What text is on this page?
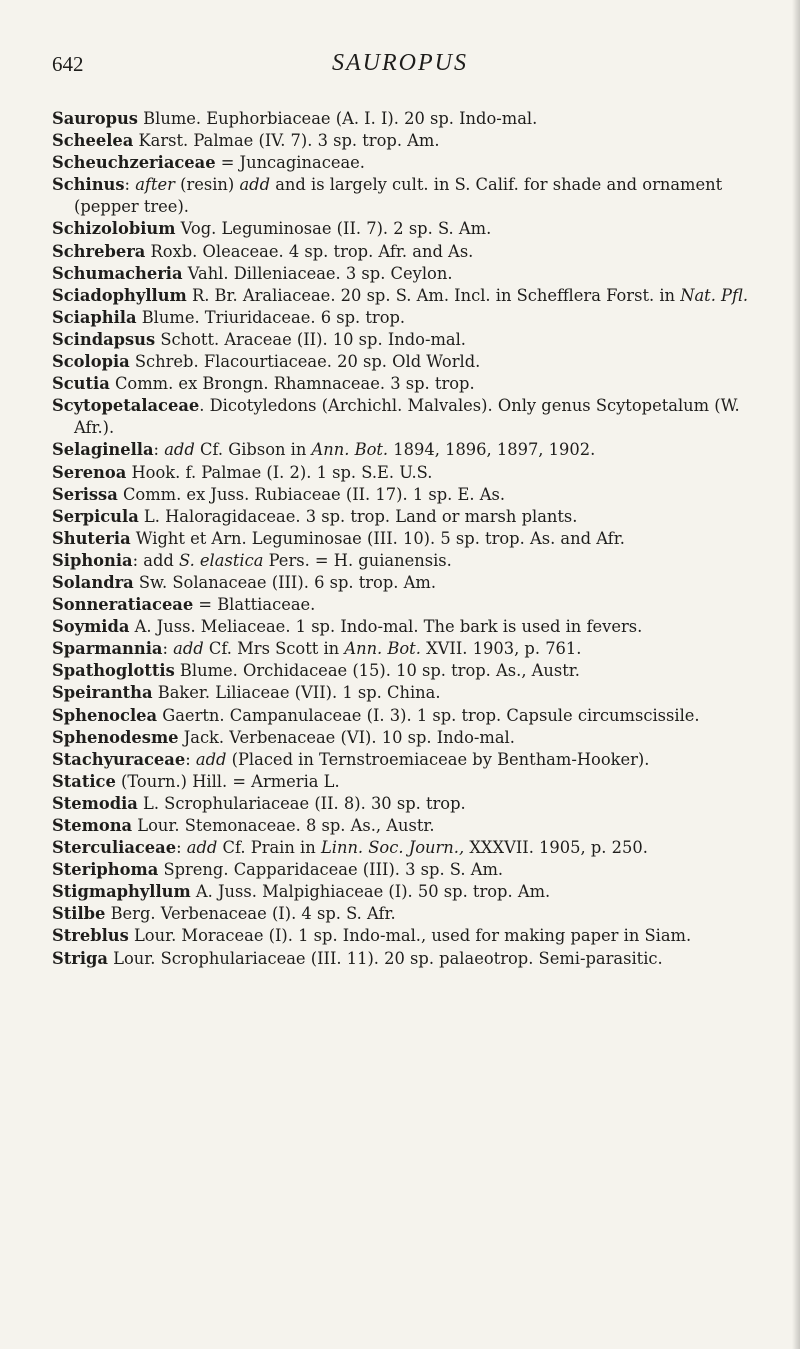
642	SAUROPUS

Sauropus Blume. Euphorbiaceae (A. I. I). 20 sp. Indo-mal.

Scheelea Karst. Palmae (IV. 7). 3 sp. trop. Am.

Scheuchzeriaceae = Juncaginaceae.

Schinus: after (resin) add and is largely cult. in S. Calif. for shade and ornament (pepper tree).

Schizolobium Vog. Leguminosae (II. 7). 2 sp. S. Am.

Schrebera Roxb. Oleaceae. 4 sp. trop. Afr. and As.

Schumacheria Vahl. Dilleniaceae. 3 sp. Ceylon.

Sciadophyllum R. Br. Araliaceae. 20 sp. S. Am. Incl. in Schefflera Forst. in Nat. Pfl.

Sciaphila Blume. Triuridaceae. 6 sp. trop.

Scindapsus Schott. Araceae (II). 10 sp. Indo-mal.

Scolopia Schreb. Flacourtiaceae. 20 sp. Old World.

Scutia Comm. ex Brongn. Rhamnaceae. 3 sp. trop.

Scytopetalaceae. Dicotyledons (Archichl. Malvales). Only genus Scytopetalum (W. Afr.).

Selaginella: add Cf. Gibson in Ann. Bot. 1894, 1896, 1897, 1902.

Serenoa Hook. f. Palmae (I. 2). 1 sp. S.E. U.S.

Serissa Comm. ex Juss. Rubiaceae (II. 17). 1 sp. E. As.

Serpicula L. Haloragidaceae. 3 sp. trop. Land or marsh plants.

Shuteria Wight et Arn. Leguminosae (III. 10). 5 sp. trop. As. and Afr.

Siphonia: add S. elastica Pers. = H. guianensis.

Solandra Sw. Solanaceae (III). 6 sp. trop. Am.

Sonneratiaceae = Blattiaceae.

Soymida A. Juss. Meliaceae. 1 sp. Indo-mal. The bark is used in fevers.

Sparmannia: add Cf. Mrs Scott in Ann. Bot. XVII. 1903, p. 761.

Spathoglottis Blume. Orchidaceae (15). 10 sp. trop. As., Austr.

Speirantha Baker. Liliaceae (VII). 1 sp. China.

Sphenoclea Gaertn. Campanulaceae (I. 3). 1 sp. trop. Capsule circumscissile.

Sphenodesme Jack. Verbenaceae (VI). 10 sp. Indo-mal.

Stachyuraceae: add (Placed in Ternstroemiaceae by Bentham-Hooker).

Statice (Tourn.) Hill. = Armeria L.

Stemodia L. Scrophulariaceae (II. 8). 30 sp. trop.

Stemona Lour. Stemonaceae. 8 sp. As., Austr.

Sterculiaceae: add Cf. Prain in Linn. Soc. Journ., XXXVII. 1905, p. 250.

Steriphoma Spreng. Capparidaceae (III). 3 sp. S. Am.

Stigmaphyllum A. Juss. Malpighiaceae (I). 50 sp. trop. Am.

Stilbe Berg. Verbenaceae (I). 4 sp. S. Afr.

Streblus Lour. Moraceae (I). 1 sp. Indo-mal., used for making paper in Siam.

Striga Lour. Scrophulariaceae (III. 11). 20 sp. palaeotrop. Semi-parasitic.
